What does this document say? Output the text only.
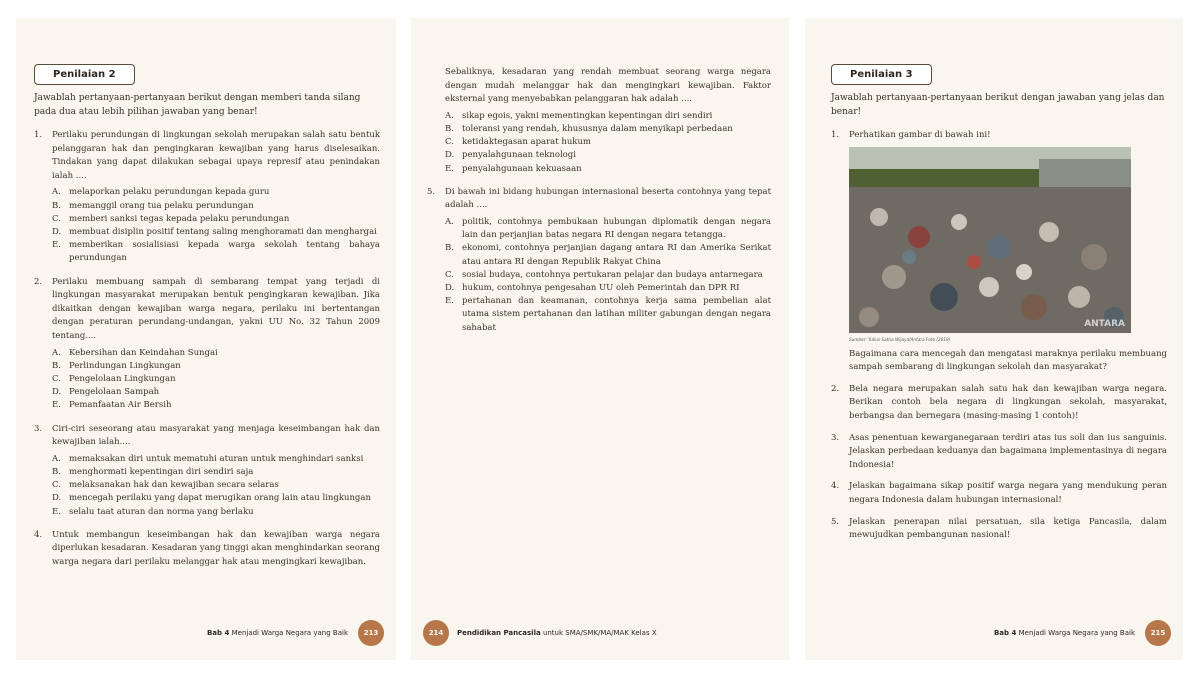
Penilaian 2
Jawablah pertanyaan-pertanyaan berikut dengan memberi tanda silang pada dua atau lebih pilihan jawaban yang benar!
1.	Perilaku perundungan di lingkungan sekolah merupakan salah satu bentuk pelanggaran hak dan pengingkaran kewajiban yang harus diselesaikan. Tindakan yang dapat dilakukan sebagai upaya represif atau penindakan ialah ....
A. melaporkan pelaku perundungan kepada guru
B. memanggil orang tua pelaku perundungan
C. memberi sanksi tegas kepada pelaku perundungan
D. membuat disiplin positif tentang saling menghoramati dan menghargai
E. memberikan sosialisiasi kepada warga sekolah tentang bahaya perundungan
2.	Perilaku membuang sampah di sembarang tempat yang terjadi di lingkungan masyarakat merupakan bentuk pengingkaran kewajiban. Jika dikaitkan dengan kewajiban warga negara, perilaku ini bertentangan dengan peraturan perundang-undangan, yakni UU No. 32 Tahun 2009 tentang....
A. Kebersihan dan Keindahan Sungai
B. Perlindungan Lingkungan
C. Pengelolaan Lingkungan
D. Pengelolaan Sampah
E. Pemanfaatan Air Bersih
3.	Ciri-ciri seseorang atau masyarakat yang menjaga keseimbangan hak dan kewajiban ialah....
A. memaksakan diri untuk mematuhi aturan untuk menghindari sanksi
B. menghormati kepentingan diri sendiri saja
C. melaksanakan hak dan kewajiban secara selaras
D. mencegah perilaku yang dapat merugikan orang lain atau lingkungan
E. selalu taat aturan dan norma yang berlaku
4.	Untuk membangun keseimbangan hak dan kewajiban warga negara diperlukan kesadaran. Kesadaran yang tinggi akan menghindarkan seorang warga negara dari perilaku melanggar hak atau mengingkari kewajiban.
Bab 4
Menjadi Warga Negara yang Baik	213
Sebaliknya, kesadaran yang rendah membuat seorang warga negara dengan mudah melanggar hak dan mengingkari kewajiban. Faktor eksternal yang menyebabkan pelanggaran hak adalah ....
A. sikap egois, yakni mementingkan kepentingan diri sendiri
B. toleransi yang rendah, khususnya dalam menyikapi perbedaan
C. ketidaktegasan aparat hukum
D. penyalahgunaan teknologi
E. penyalahgunaan kekuasaan
5.	Di bawah ini bidang hubungan internasional beserta contohnya yang tepat adalah ....
A. politik, contohnya pembukaan hubungan diplomatik dengan negara lain dan perjanjian batas negara RI dengan negara tetangga.
B. ekonomi, contohnya perjanjian dagang antara RI dan Amerika Serikat atau antara RI dengan Republik Rakyat China
C. sosial budaya, contohnya pertukaran pelajar dan budaya antarnegara
D. hukum, contohnya pengesahan UU oleh Pemerintah dan DPR RI
E. pertahanan dan keamanan, contohnya kerja sama pembelian alat utama sistem pertahanan dan latihan militer gabungan dengan negara sahabat
214	Pendidikan Pancasila
untuk SMA/SMK/MA/MAK Kelas X
Penilaian 3
Jawablah pertanyaan-pertanyaan berikut dengan jawaban yang jelas dan benar!
1.	Perhatikan gambar di bawah ini!
ANTARA
Sumber: Yulius Satria Wijaya/Antara Foto (2019)
Bagaimana cara mencegah dan mengatasi maraknya perilaku membuang sampah sembarang di lingkungan sekolah dan masyarakat?
2.	Bela negara merupakan salah satu hak dan kewajiban warga negara. Berikan contoh bela negara di lingkungan sekolah, masyarakat, berbangsa dan bernegara (masing-masing 1 contoh)!
3.	Asas penentuan kewarganegaraan terdiri atas ius soli dan ius sanguinis. Jelaskan perbedaan keduanya dan bagaimana implementasinya di negara Indonesia!
4.	Jelaskan bagaimana sikap positif warga negara yang mendukung peran negara Indonesia dalam hubungan internasional!
5.	Jelaskan penerapan nilai persatuan, sila ketiga Pancasila, dalam mewujudkan pembangunan nasional!
Bab 4
Menjadi Warga Negara yang Baik	215
